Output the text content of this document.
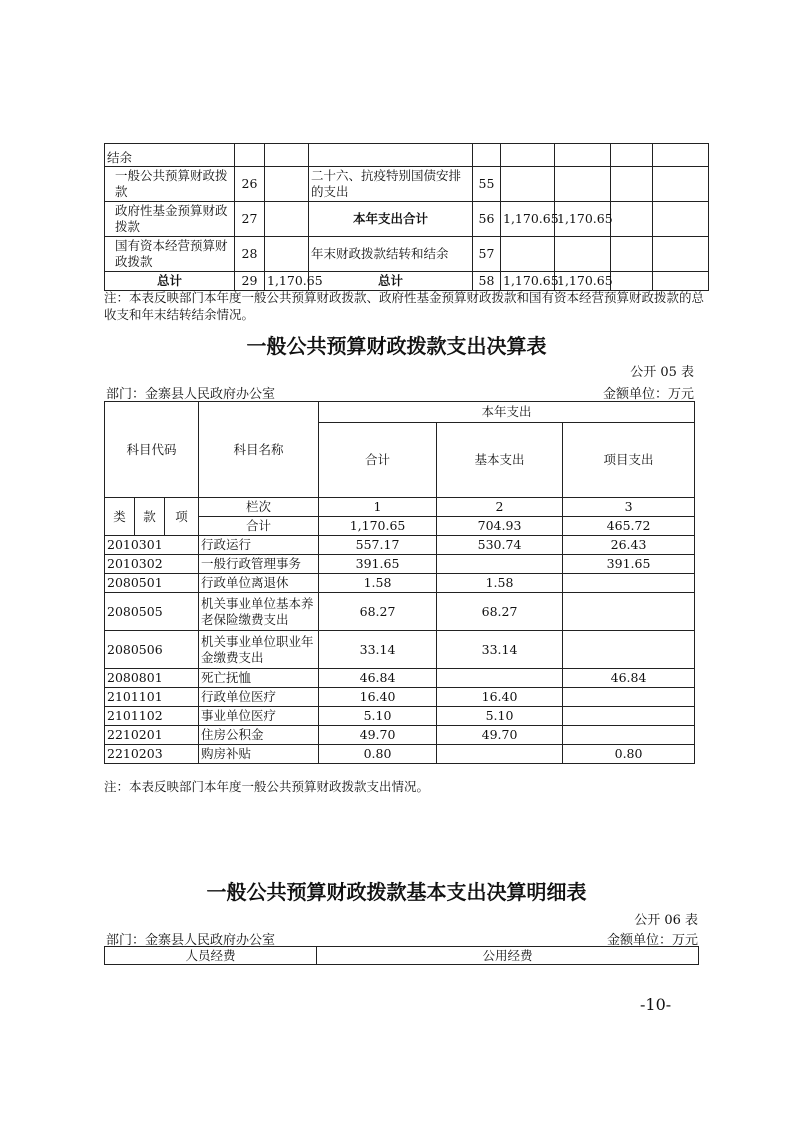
结余								
一般公共预算财政拨款	26		二十六、抗疫特别国债安排的支出	55				
政府性基金预算财政拨款	27		本年支出合计	56	1,170.65	1,170.65		
国有资本经营预算财政拨款	28		年末财政拨款结转和结余	57				
总计	29	1,170.65	总计	58	1,170.65	1,170.65		
注：本表反映部门本年度一般公共预算财政拨款、政府性基金预算财政拨款和国有资本经营预算财政拨款的总收支和年末结转结余情况。
一般公共预算财政拨款支出决算表
公开 05 表
部门：金寨县人民政府办公室	金额单位：万元
科目代码			科目名称	本年支出		
				合计	基本支出	项目支出
类	款	项	栏次	1	2	3
			合计	1,170.65	704.93	465.72
2010301			行政运行	557.17	530.74	26.43
2010302			一般行政管理事务	391.65		391.65
2080501			行政单位离退休	1.58	1.58	
2080505			机关事业单位基本养老保险缴费支出	68.27	68.27	
2080506			机关事业单位职业年金缴费支出	33.14	33.14	
2080801			死亡抚恤	46.84		46.84
2101101			行政单位医疗	16.40	16.40	
2101102			事业单位医疗	5.10	5.10	
2210201			住房公积金	49.70	49.70	
2210203			购房补贴	0.80		0.80
注：本表反映部门本年度一般公共预算财政拨款支出情况。
一般公共预算财政拨款基本支出决算明细表
公开 06 表
部门：金寨县人民政府办公室	金额单位：万元
人员经费	公用经费
-10-
